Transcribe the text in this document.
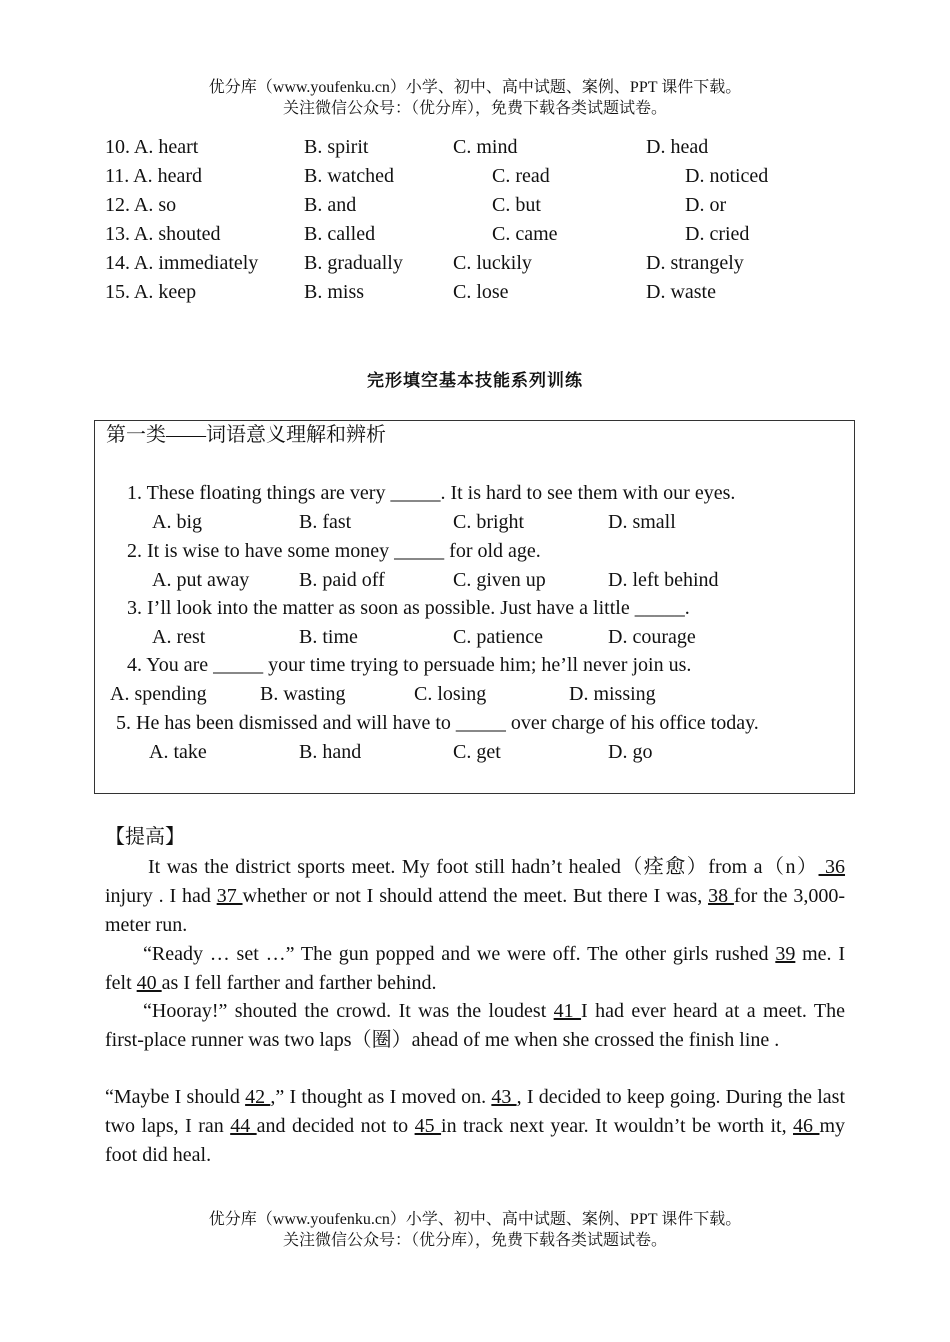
优分库（www.youfenku.cn）小学、初中、高中试题、案例、PPT 课件下载。
关注微信公众号：（优分库），免费下载各类试题试卷。
10. A. heart	B. spirit	C. mind	D. head
11. A. heard	B. watched	C. read	D. noticed
12. A. so	B. and	C. but	D. or
13. A. shouted	B. called	C. came	D. cried
14. A. immediately B. gradually	C. luckily	D. strangely
15. A. keep	B. miss	C. lose	D. waste
完形填空基本技能系列训练
第一类——词语意义理解和辨析
1. These floating things are very _____. It is hard to see them with our eyes.
A. big	B. fast	C. bright	D. small
2. It is wise to have some money _____ for old age.
A. put away B. paid off	C. given up	D. left behind
3. I’ll look into the matter as soon as possible. Just have a little _____.
A. rest	B. time	C. patience	D. courage
4. You are _____ your time trying to persuade him; he’ll never join us.
A. spending	B. wasting	C. losing	D. missing
5. He has been dismissed and will have to _____ over charge of his office today.
A. take	B. hand	C. get	D. go
【提高】
It was the district sports meet. My foot still hadn’t healed（痊愈）from a（n） 36 injury . I had 37 whether or not I should attend the meet. But there I was, 38 for the 3,000-meter run.
“Ready … set …” The gun popped and we were off. The other girls rushed 39 me. I felt 40 as I fell farther and farther behind.
“Hooray!” shouted the crowd. It was the loudest 41 I had ever heard at a meet. The first-place runner was two laps（圈）ahead of me when she crossed the finish line .
“Maybe I should 42 ,” I thought as I moved on. 43 , I decided to keep going. During the last two laps, I ran 44 and decided not to 45 in track next year. It wouldn’t be worth it, 46 my foot did heal.
优分库（www.youfenku.cn）小学、初中、高中试题、案例、PPT 课件下载。
关注微信公众号：（优分库），免费下载各类试题试卷。
